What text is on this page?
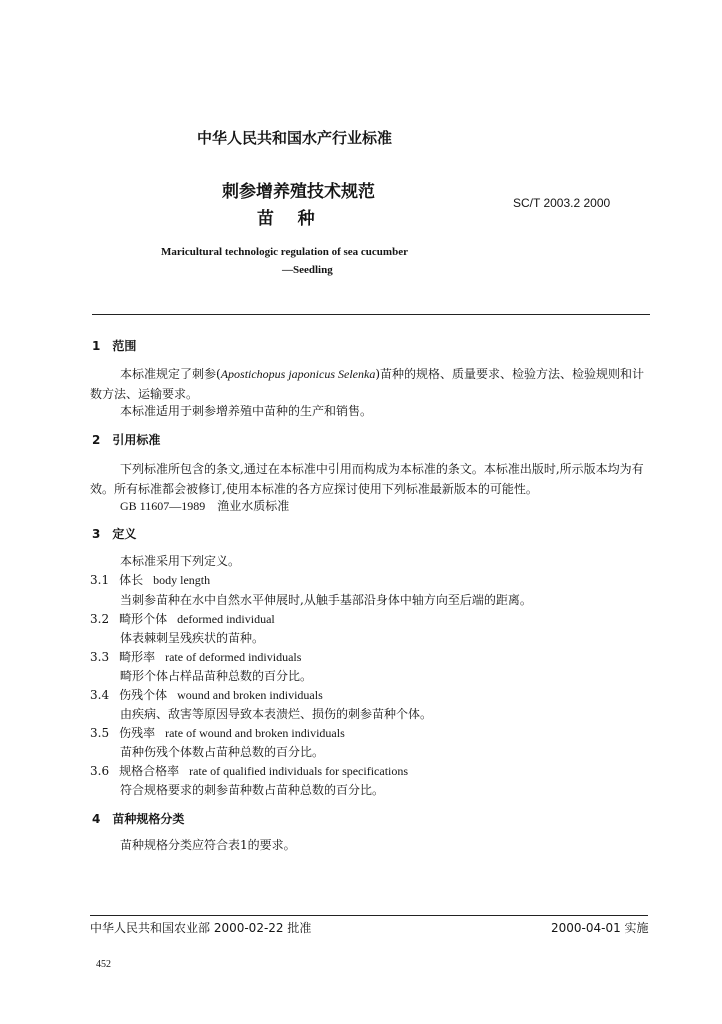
中华人民共和国水产行业标准
刺参增养殖技术规范
苗    种
SC/T 2003.2 2000
Maricultural technologic regulation of sea cucumber
—Seedling
1 范围
本标准规定了刺参(Apostichopus japonicus Selenka)苗种的规格、质量要求、检验方法、检验规则和计数方法、运输要求。
本标准适用于刺参增养殖中苗种的生产和销售。
2 引用标准
下列标准所包含的条文,通过在本标准中引用而构成为本标准的条文。本标准出版时,所示版本均为有效。所有标准都会被修订,使用本标准的各方应探讨使用下列标准最新版本的可能性。
GB 11607—1989 渔业水质标准
3 定义
本标准采用下列定义。
3.1 体长 body length
当刺参苗种在水中自然水平伸展时,从触手基部沿身体中轴方向至后端的距离。
3.2 畸形个体 deformed individual
体表棘刺呈残疾状的苗种。
3.3 畸形率 rate of deformed individuals
畸形个体占样品苗种总数的百分比。
3.4 伤残个体 wound and broken individuals
由疾病、敌害等原因导致本表溃烂、损伤的刺参苗种个体。
3.5 伤残率 rate of wound and broken individuals
苗种伤残个体数占苗种总数的百分比。
3.6 规格合格率 rate of qualified individuals for specifications
符合规格要求的刺参苗种数占苗种总数的百分比。
4 苗种规格分类
苗种规格分类应符合表1的要求。
中华人民共和国农业部 2000-02-22 批准	2000-04-01 实施
452
